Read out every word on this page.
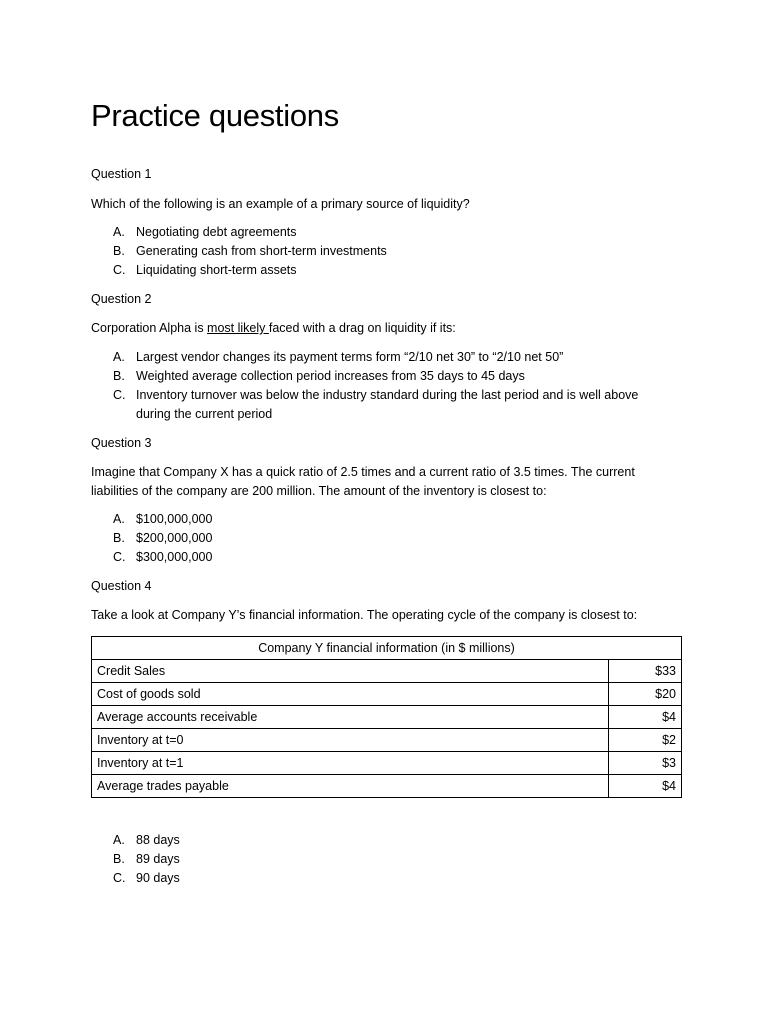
Practice questions
Question 1
Which of the following is an example of a primary source of liquidity?
A. Negotiating debt agreements
B. Generating cash from short-term investments
C. Liquidating short-term assets
Question 2
Corporation Alpha is most likely faced with a drag on liquidity if its:
A. Largest vendor changes its payment terms form “2/10 net 30” to “2/10 net 50”
B. Weighted average collection period increases from 35 days to 45 days
C. Inventory turnover was below the industry standard during the last period and is well above during the current period
Question 3
Imagine that Company X has a quick ratio of 2.5 times and a current ratio of 3.5 times. The current liabilities of the company are 200 million. The amount of the inventory is closest to:
A. $100,000,000
B. $200,000,000
C. $300,000,000
Question 4
Take a look at Company Y’s financial information. The operating cycle of the company is closest to:
Company Y financial information (in $ millions)	
Credit Sales	$33
Cost of goods sold	$20
Average accounts receivable	$4
Inventory at t=0	$2
Inventory at t=1	$3
Average trades payable	$4
A. 88 days
B. 89 days
C. 90 days
